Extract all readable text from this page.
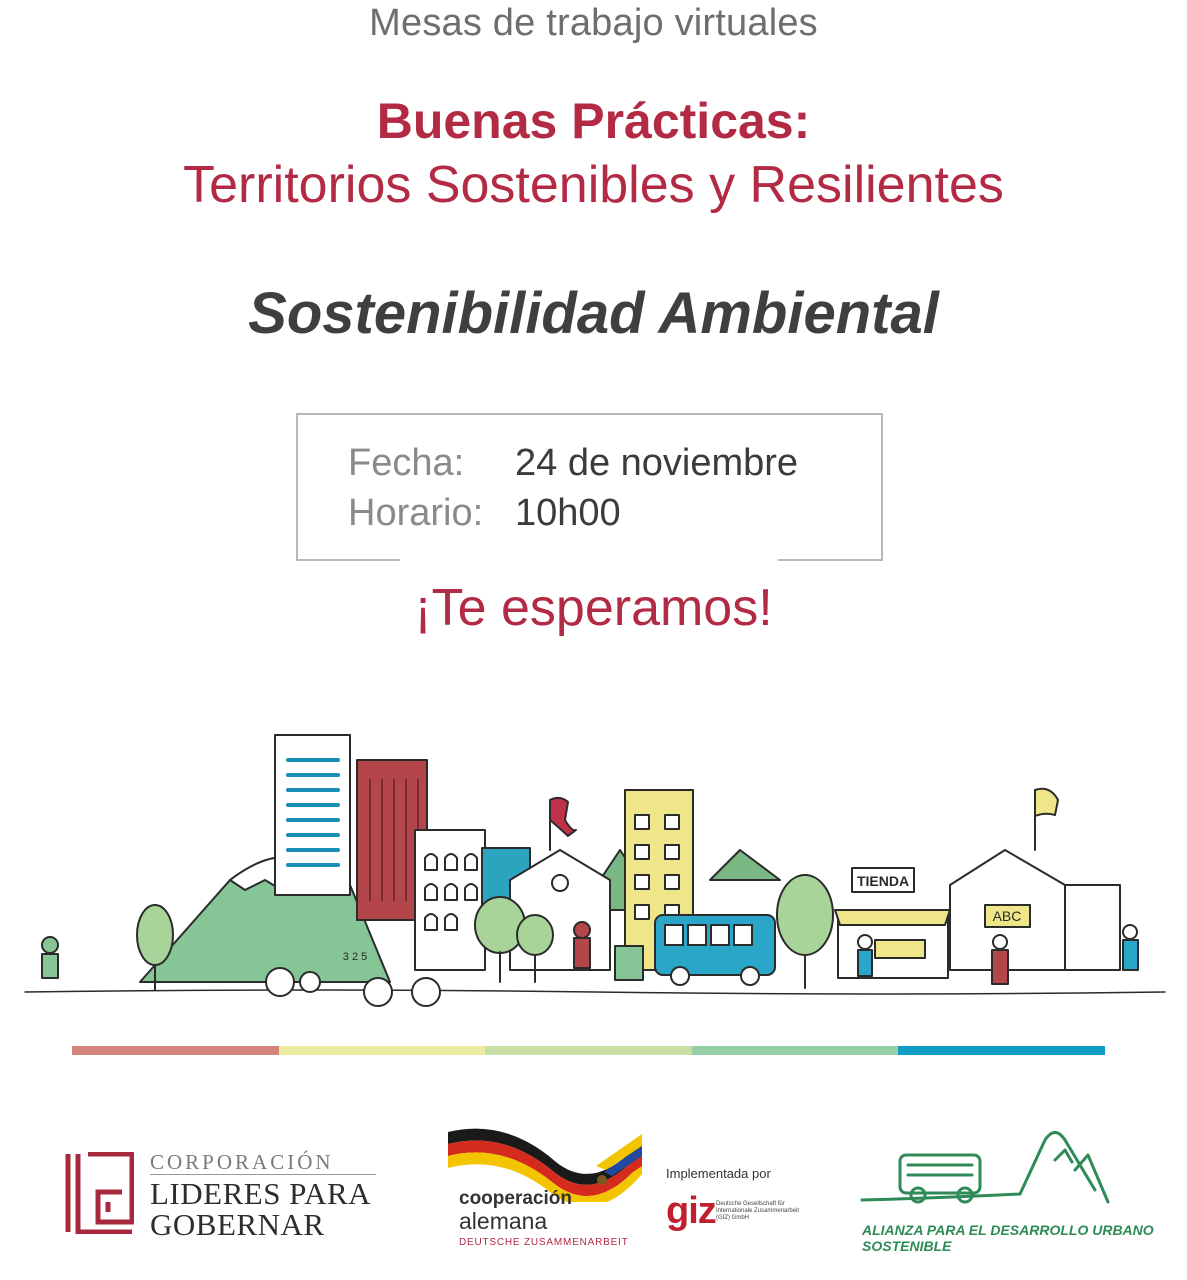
Mesas de trabajo virtuales
Buenas Prácticas:
Territorios Sostenibles y Resilientes
Sostenibilidad Ambiental
Fecha: 24 de noviembre
Horario: 10h00
¡Te esperamos!
TIENDA
ABC
3 2 5
CORPORACIÓN
LIDERES PARA
GOBERNAR
cooperación
alemana
DEUTSCHE ZUSAMMENARBEIT
Implementada por
giz Deutsche Gesellschaft für Internationale Zusammenarbeit (GIZ) GmbH
ALIANZA PARA EL DESARROLLO URBANO SOSTENIBLE
